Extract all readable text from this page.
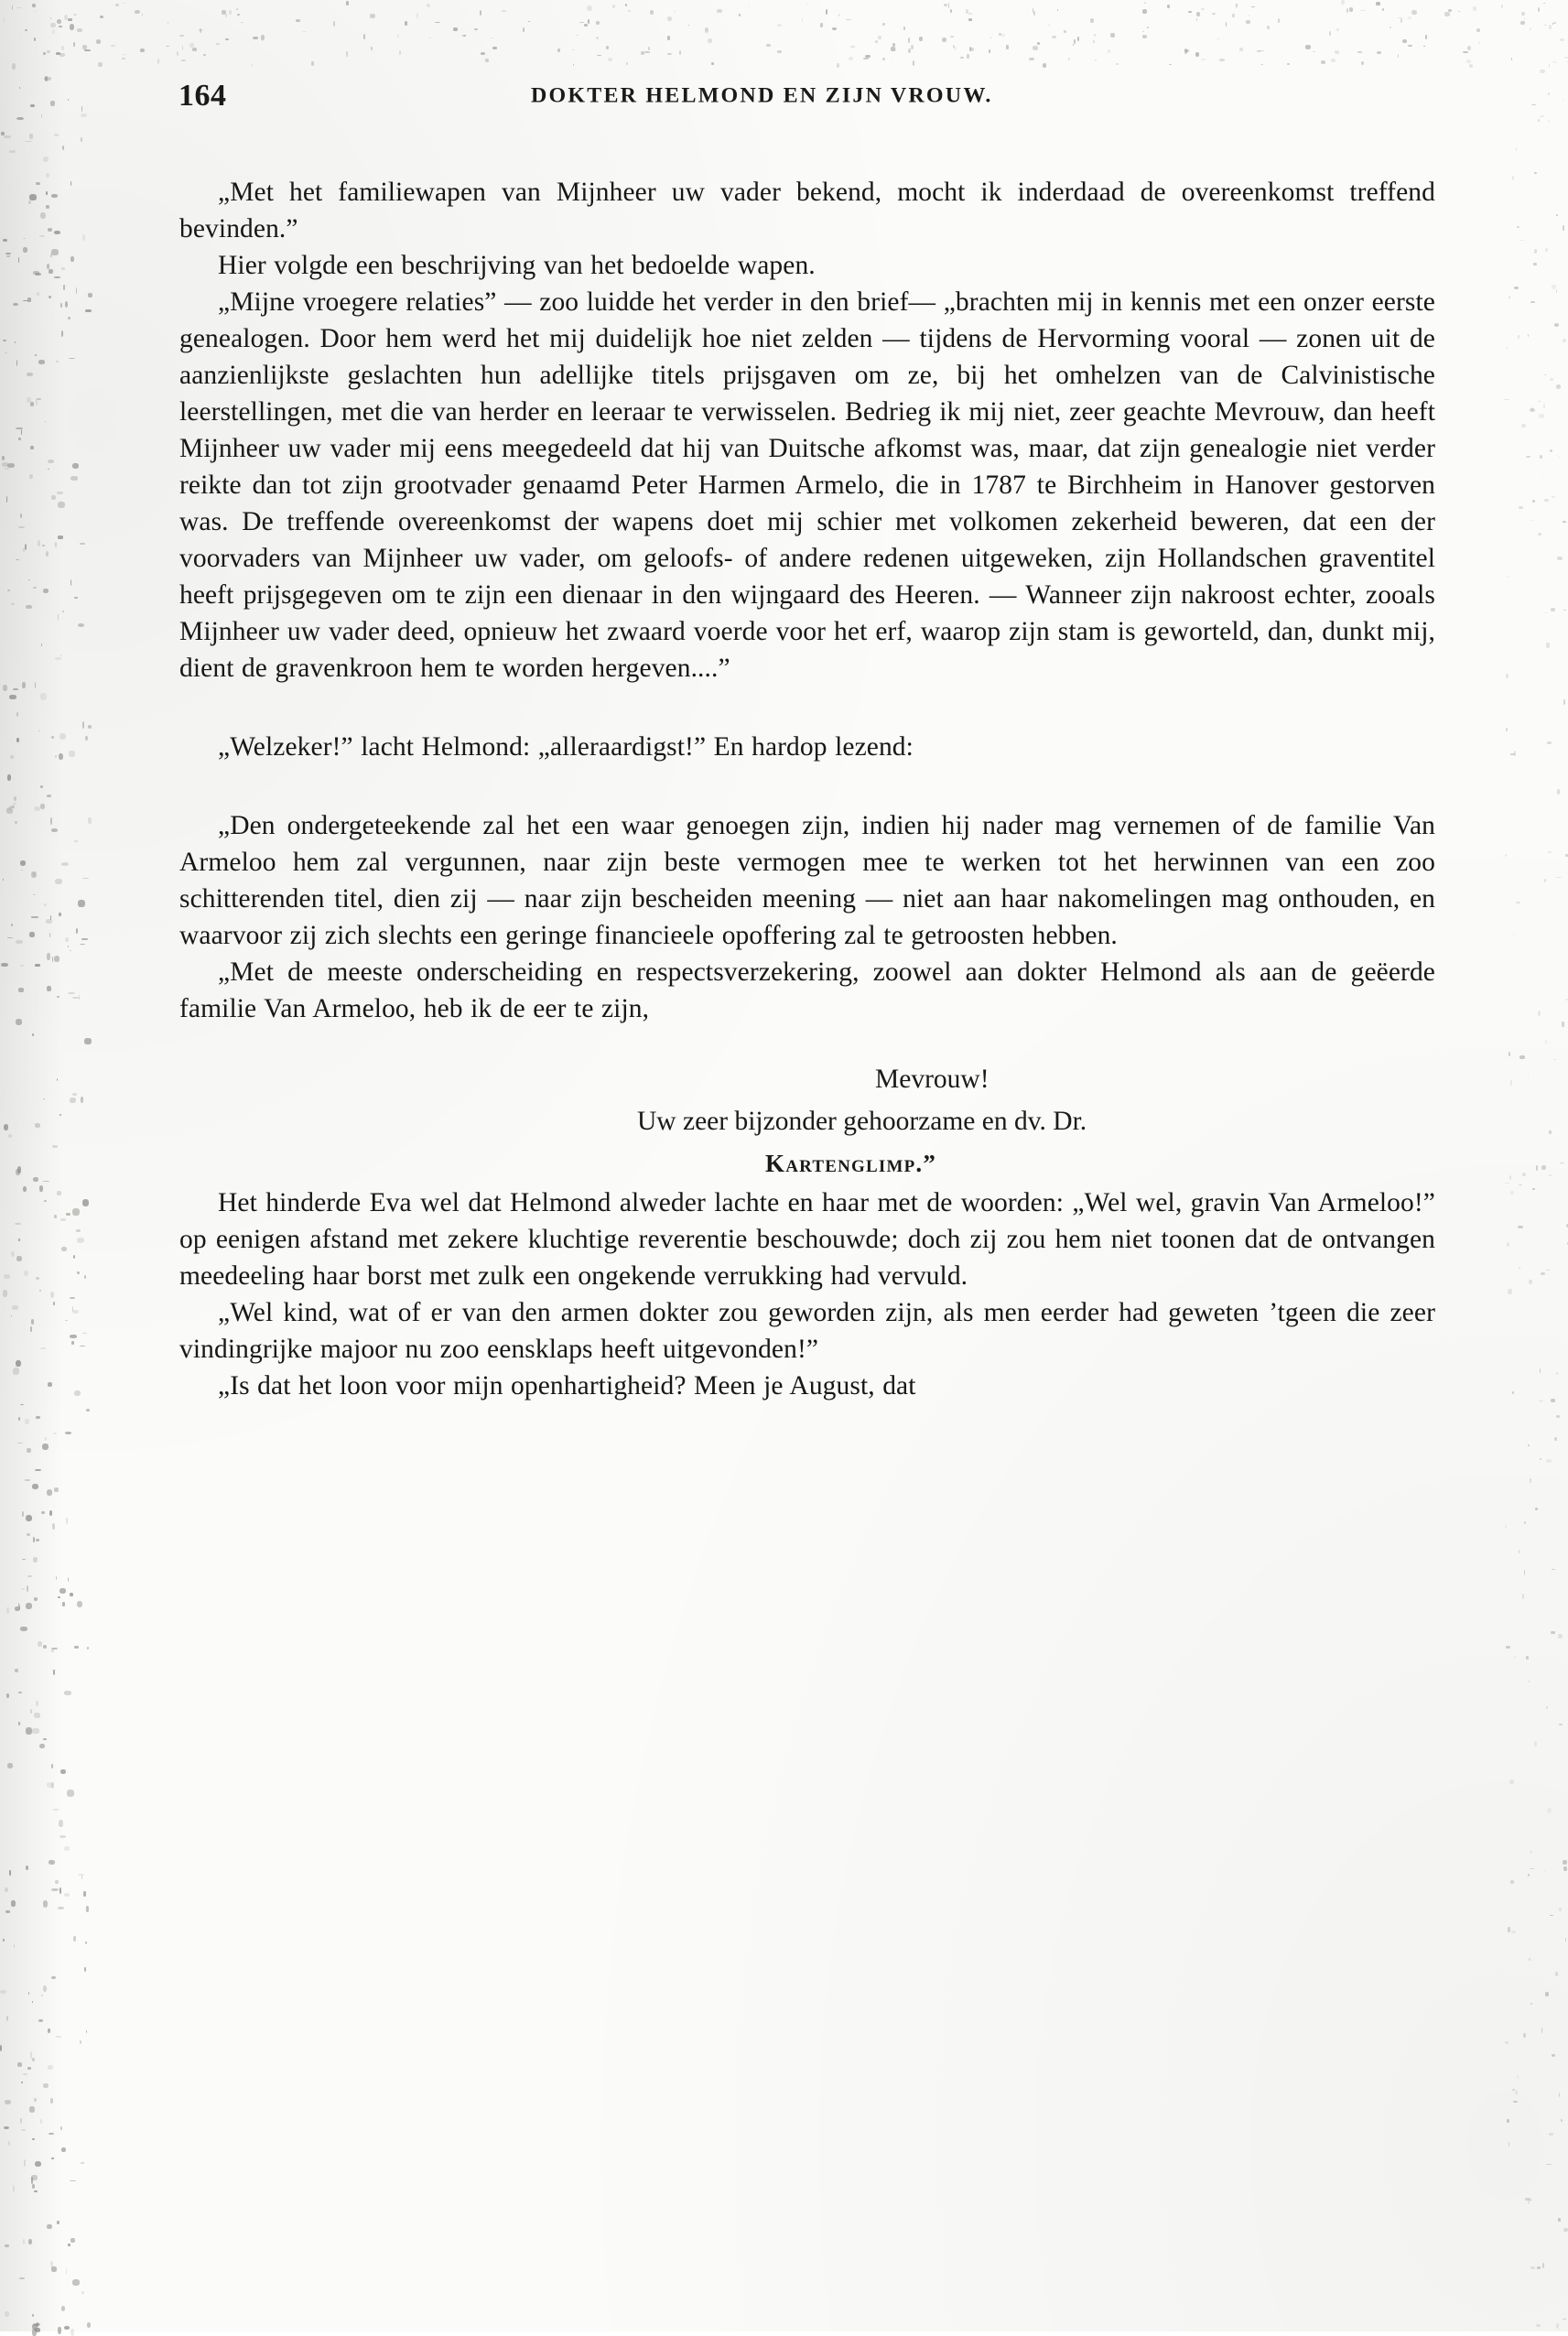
164	DOKTER HELMOND EN ZIJN VROUW.

„Met het familiewapen van Mijnheer uw vader bekend, mocht ik inderdaad de overeenkomst treffend bevinden.”

Hier volgde een beschrijving van het bedoelde wapen.

„Mijne vroegere relaties” — zoo luidde het verder in den brief— „brachten mij in kennis met een onzer eerste genealogen. Door hem werd het mij duidelijk hoe niet zelden — tijdens de Hervorming vooral — zonen uit de aanzienlijkste geslachten hun adellijke titels prijsgaven om ze, bij het omhelzen van de Calvinistische leerstellingen, met die van herder en leeraar te verwisselen. Bedrieg ik mij niet, zeer geachte Mevrouw, dan heeft Mijnheer uw vader mij eens meegedeeld dat hij van Duitsche afkomst was, maar, dat zijn genealogie niet verder reikte dan tot zijn grootvader genaamd Peter Harmen Armelo, die in 1787 te Birchheim in Hanover gestorven was. De treffende overeenkomst der wapens doet mij schier met volkomen zekerheid beweren, dat een der voorvaders van Mijnheer uw vader, om geloofs- of andere redenen uitgeweken, zijn Hollandschen graventitel heeft prijsgegeven om te zijn een dienaar in den wijngaard des Heeren. — Wanneer zijn nakroost echter, zooals Mijnheer uw vader deed, opnieuw het zwaard voerde voor het erf, waarop zijn stam is geworteld, dan, dunkt mij, dient de gravenkroon hem te worden hergeven....”

„Welzeker!” lacht Helmond: „alleraardigst!” En hardop lezend:

„Den ondergeteekende zal het een waar genoegen zijn, indien hij nader mag vernemen of de familie Van Armeloo hem zal vergunnen, naar zijn beste vermogen mee te werken tot het herwinnen van een zoo schitterenden titel, dien zij — naar zijn bescheiden meening — niet aan haar nakomelingen mag onthouden, en waarvoor zij zich slechts een geringe financieele opoffering zal te getroosten hebben.

„Met de meeste onderscheiding en respectsverzekering, zoowel aan dokter Helmond als aan de geëerde familie Van Armeloo, heb ik de eer te zijn,

Mevrouw!
Uw zeer bijzonder gehoorzame en dv. Dr.
Kartenglimp.”

Het hinderde Eva wel dat Helmond alweder lachte en haar met de woorden: „Wel wel, gravin Van Armeloo!” op eenigen afstand met zekere kluchtige reverentie beschouwde; doch zij zou hem niet toonen dat de ontvangen meedeeling haar borst met zulk een ongekende verrukking had vervuld.

„Wel kind, wat of er van den armen dokter zou geworden zijn, als men eerder had geweten ’tgeen die zeer vindingrijke majoor nu zoo eensklaps heeft uitgevonden!”

„Is dat het loon voor mijn openhartigheid? Meen je August, dat
